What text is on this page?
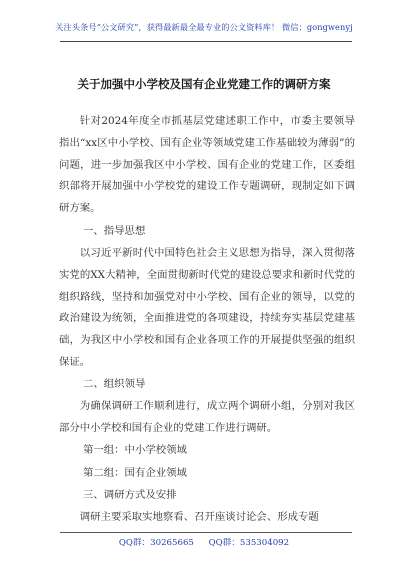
关注头条号“公文研究”，获得最新最全最专业的公文资料库！ 微信：gongwenyj
关于加强中小学校及国有企业党建工作的调研方案
针对2024年度全市抓基层党建述职工作中，市委主要领导指出“xx区中小学校、国有企业等领域党建工作基础较为薄弱”的问题，进一步加强我区中小学校、国有企业的党建工作，区委组织部将开展加强中小学校党的建设工作专题调研，现制定如下调研方案。
一、指导思想
以习近平新时代中国特色社会主义思想为指导，深入贯彻落实党的XX大精神，全面贯彻新时代党的建设总要求和新时代党的组织路线，坚持和加强党对中小学校、国有企业的领导，以党的政治建设为统领，全面推进党的各项建设，持续夯实基层党建基础，为我区中小学校和国有企业各项工作的开展提供坚强的组织保证。
二、组织领导
为确保调研工作顺利进行，成立两个调研小组，分别对我区部分中小学校和国有企业的党建工作进行调研。
第一组：中小学校领域
第二组：国有企业领域
三、调研方式及安排
调研主要采取实地察看、召开座谈讨论会、形成专题
QQ群：30265665 QQ群：535304092
